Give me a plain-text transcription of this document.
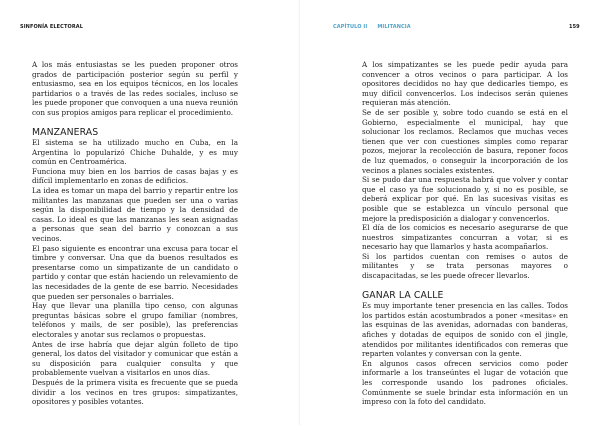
SINFONÍA ELECTORAL

A los más entusiastas se les pueden proponer otros grados de participación posterior según su perfil y entusiasmo, sea en los equipos técnicos, en los locales partidarios o a través de las redes sociales, incluso se les puede proponer que convoquen a una nueva reunión con sus propios amigos para replicar el procedimiento.

MANZANERAS

El sistema se ha utilizado mucho en Cuba, en la Argentina lo popularizó Chiche Duhalde, y es muy común en Centroamérica.

Funciona muy bien en los barrios de casas bajas y es difícil implementarlo en zonas de edificios.

La idea es tomar un mapa del barrio y repartir entre los militantes las manzanas que pueden ser una o varias según la disponibilidad de tiempo y la densidad de casas. Lo ideal es que las manzanas les sean asignadas a personas que sean del barrio y conozcan a sus vecinos.

El paso siguiente es encontrar una excusa para tocar el timbre y conversar. Una que da buenos resultados es presentarse como un simpatizante de un candidato o partido y contar que están haciendo un relevamiento de las necesidades de la gente de ese barrio. Necesidades que pueden ser personales o barriales.

Hay que llevar una planilla tipo censo, con algunas preguntas básicas sobre el grupo familiar (nombres, teléfonos y mails, de ser posible), las preferencias electorales y anotar sus reclamos o propuestas.

Antes de irse habría que dejar algún folleto de tipo general, los datos del visitador y comunicar que están a su disposición para cualquier consulta y que probablemente vuelvan a visitarlos en unos días.

Después de la primera visita es frecuente que se pueda dividir a los vecinos en tres grupos: simpatizantes, opositores y posibles votantes.

CAPÍTULO II MILITANCIA	159

A los simpatizantes se les puede pedir ayuda para convencer a otros vecinos o para participar. A los opositores decididos no hay que dedicarles tiempo, es muy difícil convencerlos. Los indecisos serán quienes requieran más atención.

Se de ser posible y, sobre todo cuando se está en el Gobierno, especialmente el municipal, hay que solucionar los reclamos. Reclamos que muchas veces tienen que ver con cuestiones simples como reparar pozos, mejorar la recolección de basura, reponer focos de luz quemados, o conseguir la incorporación de los vecinos a planes sociales existentes.

Si se pudo dar una respuesta habrá que volver y contar que el caso ya fue solucionado y, si no es posible, se deberá explicar por qué. En las sucesivas visitas es posible que se establezca un vínculo personal que mejore la predisposición a dialogar y convencerlos.

El día de los comicios es necesario asegurarse de que nuestros simpatizantes concurran a votar, si es necesario hay que llamarlos y hasta acompañarlos.

Si los partidos cuentan con remises o autos de militantes y se trata personas mayores o discapacitadas, se les puede ofrecer llevarlos.

GANAR LA CALLE

Es muy importante tener presencia en las calles. Todos los partidos están acostumbrados a poner «mesitas» en las esquinas de las avenidas, adornadas con banderas, afiches y dotadas de equipos de sonido con el jingle, atendidos por militantes identificados con remeras que reparten volantes y conversan con la gente.

En algunos casos ofrecen servicios como poder informarle a los transeúntes el lugar de votación que les corresponde usando los padrones oficiales. Comúnmente se suele brindar esta información en un impreso con la foto del candidato.
